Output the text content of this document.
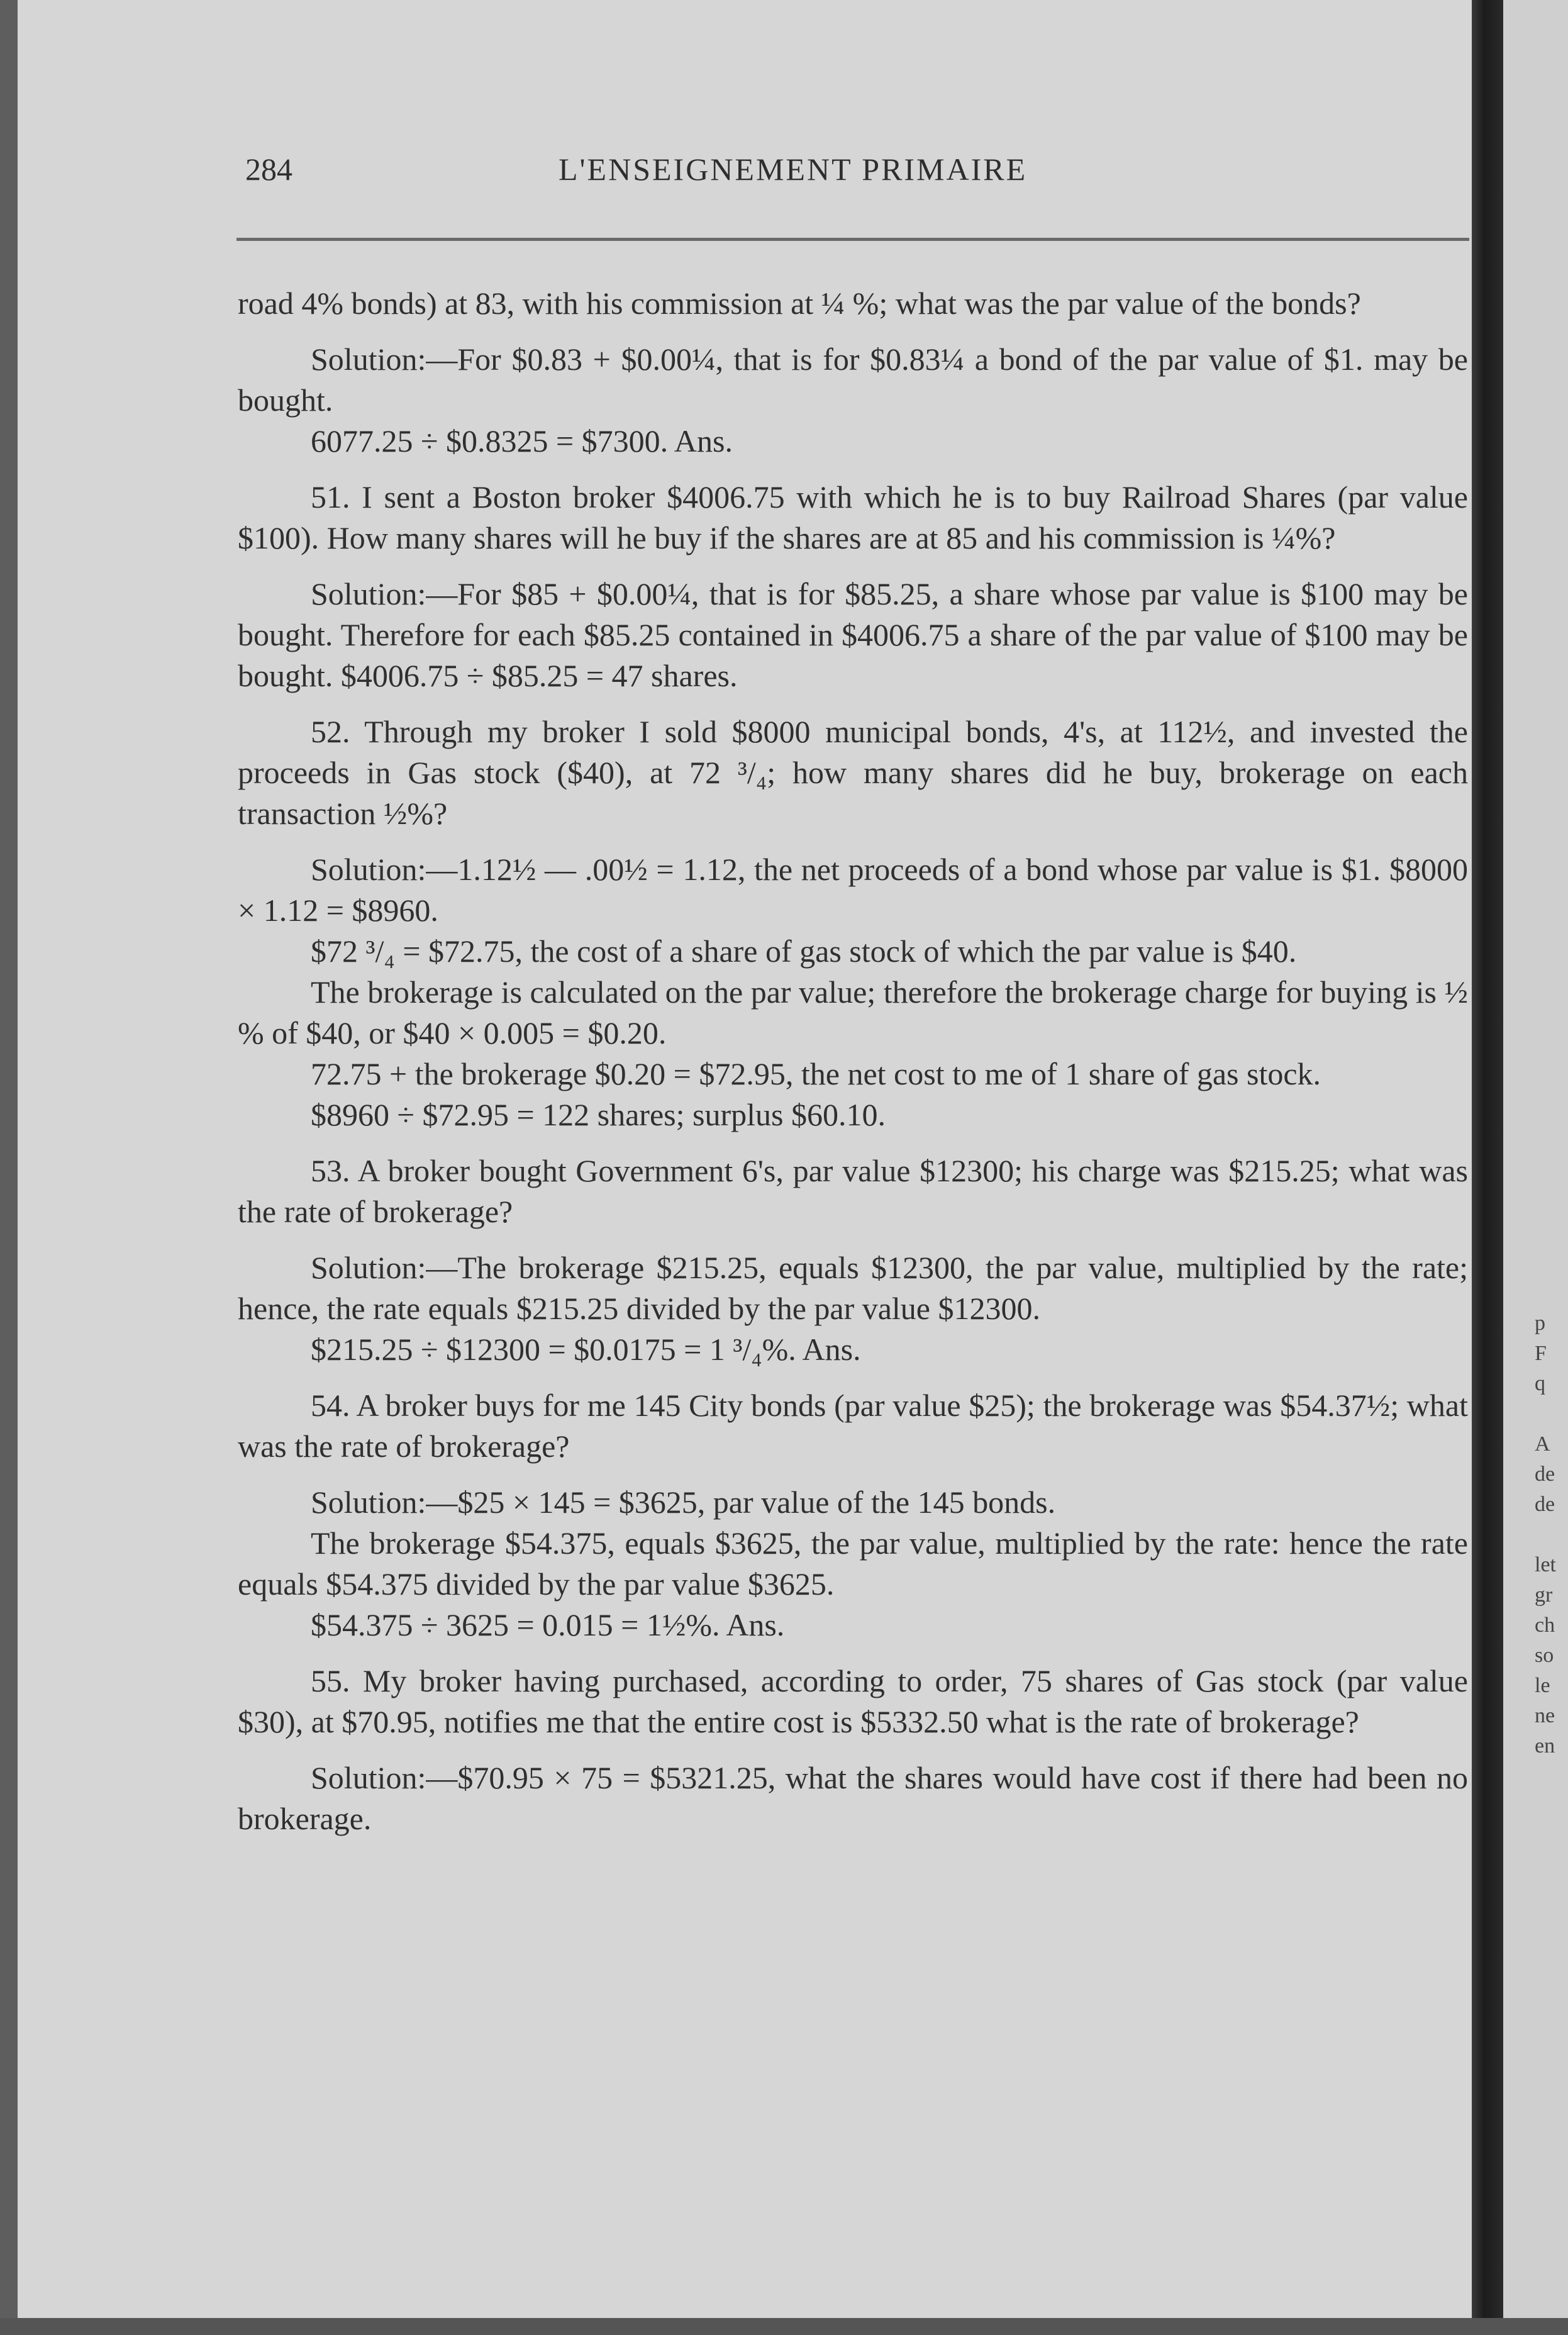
284	L'ENSEIGNEMENT PRIMAIRE

road 4% bonds) at 83, with his commission at ¼ %; what was the par value of the bonds?

Solution:—For $0.83 + $0.00¼, that is for $0.83¼ a bond of the par value of $1. may be bought.

6077.25 ÷ $0.8325 = $7300. Ans.

51. I sent a Boston broker $4006.75 with which he is to buy Railroad Shares (par value $100). How many shares will he buy if the shares are at 85 and his commission is ¼%?

Solution:—For $85 + $0.00¼, that is for $85.25, a share whose par value is $100 may be bought. Therefore for each $85.25 contained in $4006.75 a share of the par value of $100 may be bought. $4006.75 ÷ $85.25 = 47 shares.

52. Through my broker I sold $8000 municipal bonds, 4's, at 112½, and invested the proceeds in Gas stock ($40), at 72 ³/₄; how many shares did he buy, brokerage on each transaction ½%?

Solution:—1.12½ — .00½ = 1.12, the net proceeds of a bond whose par value is $1. $8000 × 1.12 = $8960.

$72 ³/₄ = $72.75, the cost of a share of gas stock of which the par value is $40.

The brokerage is calculated on the par value; therefore the brokerage charge for buying is ½ % of $40, or $40 × 0.005 = $0.20.

72.75 + the brokerage $0.20 = $72.95, the net cost to me of 1 share of gas stock.

$8960 ÷ $72.95 = 122 shares; surplus $60.10.

53. A broker bought Government 6's, par value $12300; his charge was $215.25; what was the rate of brokerage?

Solution:—The brokerage $215.25, equals $12300, the par value, multiplied by the rate; hence, the rate equals $215.25 divided by the par value $12300.

$215.25 ÷ $12300 = $0.0175 = 1 ³/₄%. Ans.

54. A broker buys for me 145 City bonds (par value $25); the brokerage was $54.37½; what was the rate of brokerage?

Solution:—$25 × 145 = $3625, par value of the 145 bonds.

The brokerage $54.375, equals $3625, the par value, multiplied by the rate: hence the rate equals $54.375 divided by the par value $3625.

$54.375 ÷ 3625 = 0.015 = 1½%. Ans.

55. My broker having purchased, according to order, 75 shares of Gas stock (par value $30), at $70.95, notifies me that the entire cost is $5332.50 what is the rate of brokerage?

Solution:—$70.95 × 75 = $5321.25, what the shares would have cost if there had been no brokerage.

p
F
q
A
de
de
let
gr
ch
so
le
ne
en
